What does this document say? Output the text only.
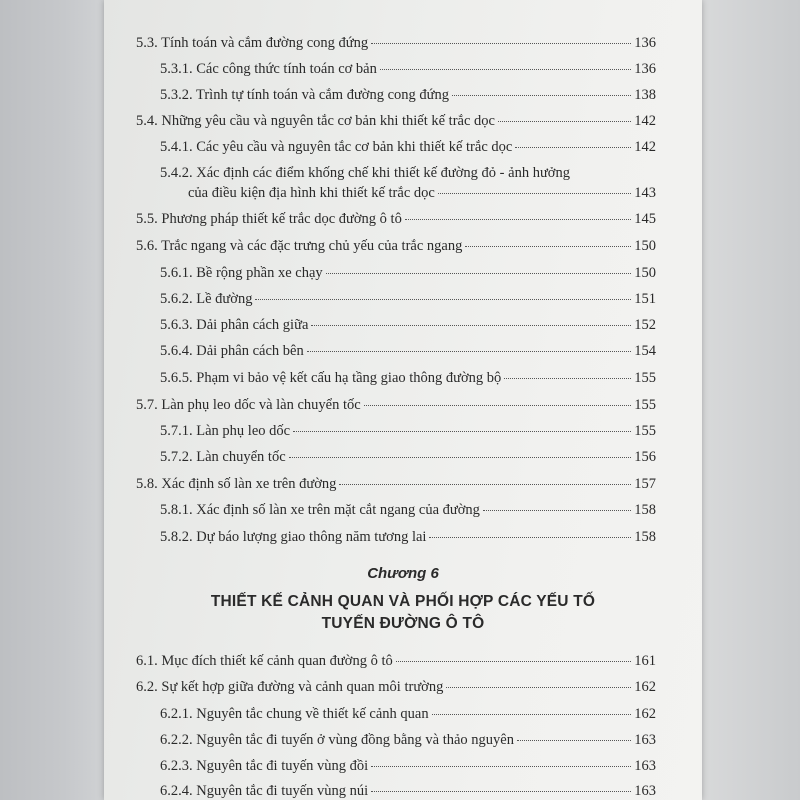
5.3. Tính toán và cắm đường cong đứng	136
5.3.1. Các công thức tính toán cơ bản	136
5.3.2. Trình tự tính toán và cắm đường cong đứng	138
5.4. Những yêu cầu và nguyên tắc cơ bản khi thiết kế trắc dọc	142
5.4.1. Các yêu cầu và nguyên tắc cơ bản khi thiết kế trắc dọc	142
5.4.2. Xác định các điểm khống chế khi thiết kế đường đỏ - ảnh hưởng
của điều kiện địa hình khi thiết kế trắc dọc	143
5.5. Phương pháp thiết kế trắc dọc đường ô tô	145
5.6. Trắc ngang và các đặc trưng chủ yếu của trắc ngang	150
5.6.1. Bề rộng phần xe chạy	150
5.6.2. Lề đường	151
5.6.3. Dải phân cách giữa	152
5.6.4. Dải phân cách bên	154
5.6.5. Phạm vi bảo vệ kết cấu hạ tầng giao thông đường bộ	155
5.7. Làn phụ leo dốc và làn chuyển tốc	155
5.7.1. Làn phụ leo dốc	155
5.7.2. Làn chuyển tốc	156
5.8. Xác định số làn xe trên đường	157
5.8.1. Xác định số làn xe trên mặt cắt ngang của đường	158
5.8.2. Dự báo lượng giao thông năm tương lai	158
Chương 6
THIẾT KẾ CẢNH QUAN VÀ PHỐI HỢP CÁC YẾU TỐ
TUYẾN ĐƯỜNG Ô TÔ
6.1. Mục đích thiết kế cảnh quan đường ô tô	161
6.2. Sự kết hợp giữa đường và cảnh quan môi trường	162
6.2.1. Nguyên tắc chung về thiết kế cảnh quan	162
6.2.2. Nguyên tắc đi tuyến ở vùng đồng bằng và thảo nguyên	163
6.2.3. Nguyên tắc đi tuyến vùng đồi	163
6.2.4. Nguyên tắc đi tuyến vùng núi	163
